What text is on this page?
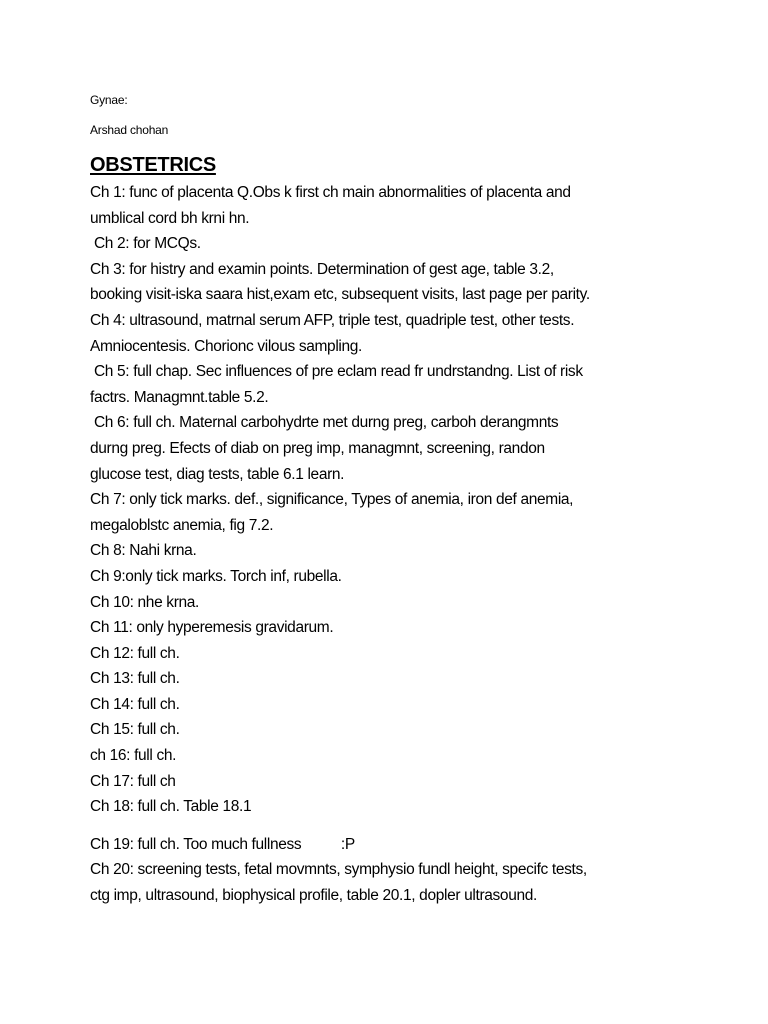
Gynae:
Arshad chohan
OBSTETRICS
Ch 1: func of placenta Q.Obs k first ch main abnormalities of placenta and
umblical cord bh krni hn.
Ch 2: for MCQs.
Ch 3: for histry and examin points. Determination of gest age, table 3.2,
booking visit-iska saara hist,exam etc, subsequent visits, last page per parity.
Ch 4: ultrasound, matrnal serum AFP, triple test, quadriple test, other tests.
Amniocentesis. Chorionc vilous sampling.
Ch 5: full chap. Sec influences of pre eclam read fr undrstandng. List of risk
factrs. Managmnt.table 5.2.
Ch 6: full ch. Maternal carbohydrte met durng preg, carboh derangmnts
durng preg. Efects of diab on preg imp, managmnt, screening, randon
glucose test, diag tests, table 6.1 learn.
Ch 7: only tick marks. def., significance, Types of anemia, iron def anemia,
megaloblstc anemia, fig 7.2.
Ch 8: Nahi krna.
Ch 9:only tick marks. Torch inf, rubella.
Ch 10: nhe krna.
Ch 11: only hyperemesis gravidarum.
Ch 12: full ch.
Ch 13: full ch.
Ch 14: full ch.
Ch 15: full ch.
ch 16: full ch.
Ch 17: full ch
Ch 18: full ch. Table 18.1
Ch 19: full ch. Too much fullness          :P
Ch 20: screening tests, fetal movmnts, symphysio fundl height, specifc tests,
ctg imp, ultrasound, biophysical profile, table 20.1, dopler ultrasound.
